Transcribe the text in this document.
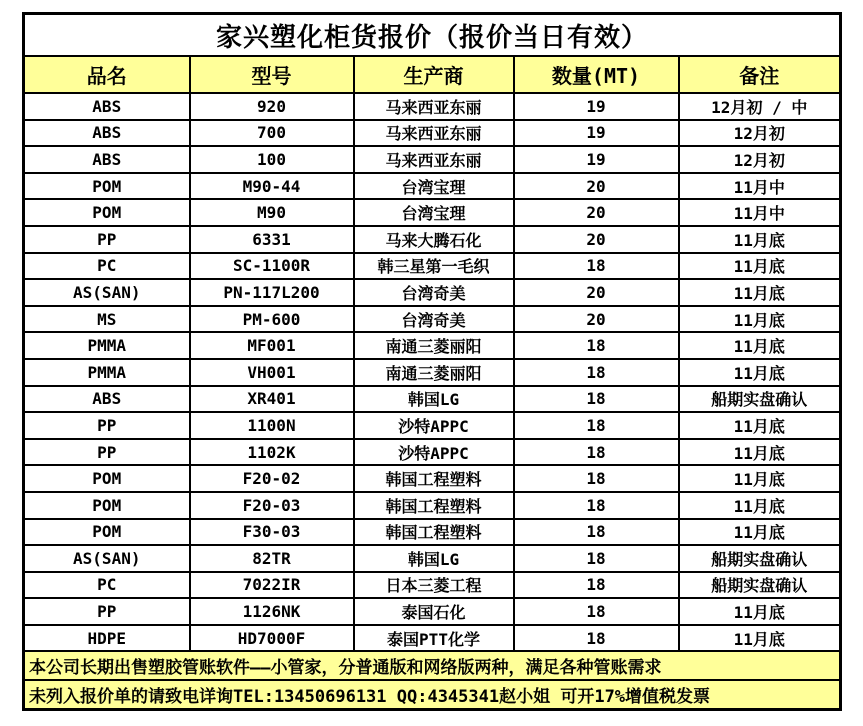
家兴塑化柜货报价（报价当日有效）				
品名	型号	生产商	数量(MT)	备注
ABS	920	马来西亚东丽	19	12月初 / 中
ABS	700	马来西亚东丽	19	12月初
ABS	100	马来西亚东丽	19	12月初
POM	M90-44	台湾宝理	20	11月中
POM	M90	台湾宝理	20	11月中
PP	6331	马来大腾石化	20	11月底
PC	SC-1100R	韩三星第一毛织	18	11月底
AS(SAN)	PN-117L200	台湾奇美	20	11月底
MS	PM-600	台湾奇美	20	11月底
PMMA	MF001	南通三菱丽阳	18	11月底
PMMA	VH001	南通三菱丽阳	18	11月底
ABS	XR401	韩国LG	18	船期实盘确认
PP	1100N	沙特APPC	18	11月底
PP	1102K	沙特APPC	18	11月底
POM	F20-02	韩国工程塑料	18	11月底
POM	F20-03	韩国工程塑料	18	11月底
POM	F30-03	韩国工程塑料	18	11月底
AS(SAN)	82TR	韩国LG	18	船期实盘确认
PC	7022IR	日本三菱工程	18	船期实盘确认
PP	1126NK	泰国石化	18	11月底
HDPE	HD7000F	泰国PTT化学	18	11月底
本公司长期出售塑胶管账软件——小管家，分普通版和网络版两种，满足各种管账需求				
未列入报价单的请致电详询TEL:13450696131 QQ:4345341赵小姐 可开17%增值税发票				
